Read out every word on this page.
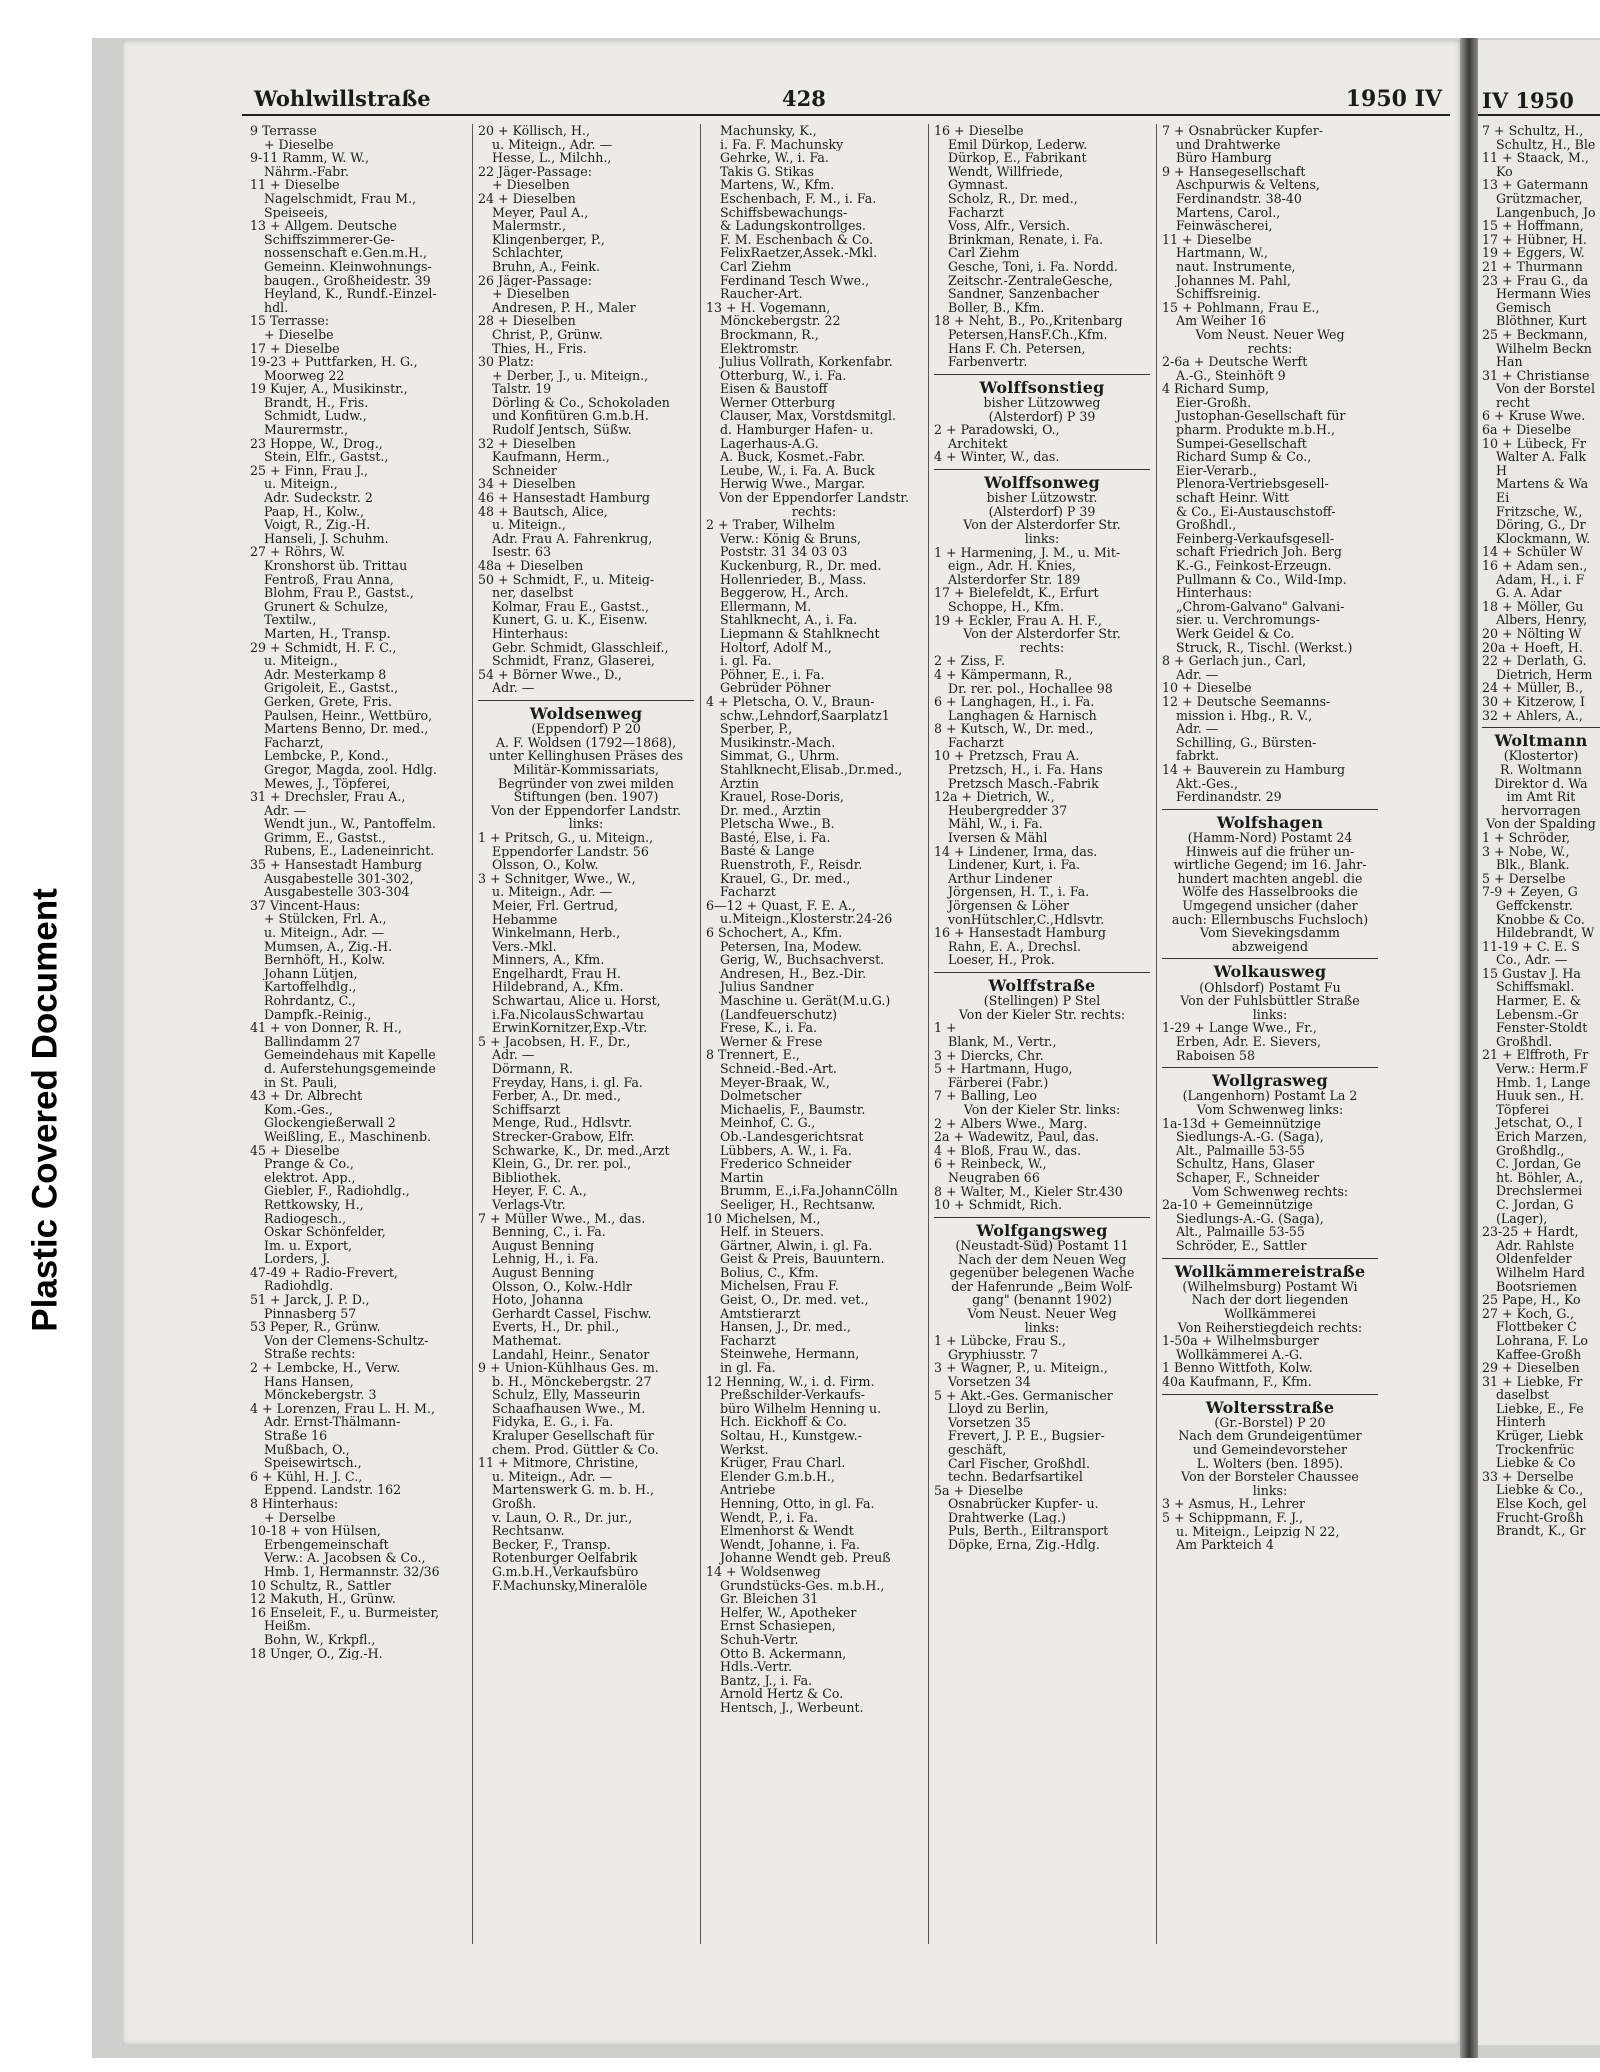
Plastic Covered Document
Wohlwillstraße	428	1950 IV
9 Terrasse
+ Dieselbe
9-11 Ramm, W. W.,
Nährm.-Fabr.
11 + Dieselbe
Nagelschmidt, Frau M.,
Speiseeis,
13 + Allgem. Deutsche
Schiffszimmerer-Ge-
nossenschaft e.Gen.m.H.,
Gemeinn. Kleinwohnungs-
baugen., Großheidestr. 39
Heyland, K., Rundf.-Einzel-
hdl.
15 Terrasse:
+ Dieselbe
17 + Dieselbe
19-23 + Puttfarken, H. G.,
Moorweg 22
19 Kujer, A., Musikinstr.,
Brandt, H., Fris.
Schmidt, Ludw.,
Maurermstr.,
23 Hoppe, W., Drog.,
Stein, Elfr., Gastst.,
25 + Finn, Frau J.,
u. Miteign.,
Adr. Sudeckstr. 2
Paap, H., Kolw.,
Voigt, R., Zig.-H.
Hanseli, J. Schuhm.
27 + Röhrs, W.
Kronshorst üb. Trittau
Fentroß, Frau Anna,
Blohm, Frau P., Gastst.,
Grunert & Schulze,
Textilw.,
Marten, H., Transp.
29 + Schmidt, H. F. C.,
u. Miteign.,
Adr. Mesterkamp 8
Grigoleit, E., Gastst.,
Gerken, Grete, Fris.
Paulsen, Heinr., Wettbüro,
Martens Benno, Dr. med.,
Facharzt,
Lembcke, P., Kond.,
Gregor, Magda, zool. Hdlg.
Mewes, J., Töpferei,
31 + Drechsler, Frau A.,
Adr. —
Wendt jun., W., Pantoffelm.
Grimm, E., Gastst.,
Rubens, E., Ladeneinricht.
35 + Hansestadt Hamburg
Ausgabestelle 301-302,
Ausgabestelle 303-304
37 Vincent-Haus:
+ Stülcken, Frl. A.,
u. Miteign., Adr. —
Mumsen, A., Zig.-H.
Bernhöft, H., Kolw.
Johann Lütjen,
Kartoffelhdlg.,
Rohrdantz, C.,
Dampfk.-Reinig.,
41 + von Donner, R. H.,
Ballindamm 27
Gemeindehaus mit Kapelle
d. Auferstehungsgemeinde
in St. Pauli,
43 + Dr. Albrecht
Kom.-Ges.,
Glockengießerwall 2
Weißling, E., Maschinenb.
45 + Dieselbe
Prange & Co.,
elektrot. App.,
Giebler, F., Radiohdlg.,
Rettkowsky, H.,
Radiogesch.,
Oskar Schönfelder,
Im. u. Export,
Lorders, J.
47-49 + Radio-Frevert,
Radiohdlg.
51 + Jarck, J. P. D.,
Pinnasberg 57
53 Peper, R., Grünw.
Von der Clemens-Schultz-
Straße rechts:
2 + Lembcke, H., Verw.
Hans Hansen,
Mönckebergstr. 3
4 + Lorenzen, Frau L. H. M.,
Adr. Ernst-Thälmann-
Straße 16
Mußbach, O.,
Speisewirtsch.,
6 + Kühl, H. J. C.,
Eppend. Landstr. 162
8 Hinterhaus:
+ Derselbe
10-18 + von Hülsen,
Erbengemeinschaft
Verw.: A. Jacobsen & Co.,
Hmb. 1, Hermannstr. 32/36
10 Schultz, R., Sattler
12 Makuth, H., Grünw.
16 Enseleit, F., u. Burmeister,
Heißm.
Bohn, W., Krkpfl.,
18 Unger, O., Zig.-H.
20 + Köllisch, H.,
u. Miteign., Adr. —
Hesse, L., Milchh.,
22 Jäger-Passage:
+ Dieselben
24 + Dieselben
Meyer, Paul A.,
Malermstr.,
Klingenberger, P.,
Schlachter,
Bruhn, A., Feink.
26 Jäger-Passage:
+ Dieselben
Andresen, P. H., Maler
28 + Dieselben
Christ, P., Grünw.
Thies, H., Fris.
30 Platz:
+ Derber, J., u. Miteign.,
Talstr. 19
Dörling & Co., Schokoladen
und Konfitüren G.m.b.H.
Rudolf Jentsch, Süßw.
32 + Dieselben
Kaufmann, Herm.,
Schneider
34 + Dieselben
46 + Hansestadt Hamburg
48 + Bautsch, Alice,
u. Miteign.,
Adr. Frau A. Fahrenkrug,
Isestr. 63
48a + Dieselben
50 + Schmidt, F., u. Miteig-
ner, daselbst
Kolmar, Frau E., Gastst.,
Kunert, G. u. K., Eisenw.
Hinterhaus:
Gebr. Schmidt, Glasschleif.,
Schmidt, Franz, Glaserei,
54 + Börner Wwe., D.,
Adr. —
Woldsenweg
(Eppendorf) P 20
A. F. Woldsen (1792—1868),
unter Kellinghusen Präses des
Militär-Kommissariats,
Begründer von zwei milden
Stiftungen (ben. 1907)
Von der Eppendorfer Landstr.
links:
1 + Pritsch, G., u. Miteign.,
Eppendorfer Landstr. 56
Olsson, O., Kolw.
3 + Schnitger, Wwe., W.,
u. Miteign., Adr. —
Meier, Frl. Gertrud,
Hebamme
Winkelmann, Herb.,
Vers.-Mkl.
Minners, A., Kfm.
Engelhardt, Frau H.
Hildebrand, A., Kfm.
Schwartau, Alice u. Horst,
i.Fa.NicolausSchwartau
ErwinKornitzer,Exp.-Vtr.
5 + Jacobsen, H. F., Dr.,
Adr. —
Dörmann, R.
Freyday, Hans, i. gl. Fa.
Ferber, A., Dr. med.,
Schiffsarzt
Menge, Rud., Hdlsvtr.
Strecker-Grabow, Elfr.
Schwarke, K., Dr. med.,Arzt
Klein, G., Dr. rer. pol.,
Bibliothek.
Heyer, F. C. A.,
Verlags-Vtr.
7 + Müller Wwe., M., das.
Benning, C., i. Fa.
August Benning
Lehnig, H., i. Fa.
August Benning
Olsson, O., Kolw.-Hdlr
Hoto, Johanna
Gerhardt Cassel, Fischw.
Everts, H., Dr. phil.,
Mathemat.
Landahl, Heinr., Senator
9 + Union-Kühlhaus Ges. m.
b. H., Mönckebergstr. 27
Schulz, Elly, Masseurin
Schaafhausen Wwe., M.
Fidyka, E. G., i. Fa.
Kraluper Gesellschaft für
chem. Prod. Güttler & Co.
11 + Mitmore, Christine,
u. Miteign., Adr. —
Martenswerk G. m. b. H.,
Großh.
v. Laun, O. R., Dr. jur.,
Rechtsanw.
Becker, F., Transp.
Rotenburger Oelfabrik
G.m.b.H.,Verkaufsbüro
F.Machunsky,Mineralöle
Machunsky, K.,
i. Fa. F. Machunsky
Gehrke, W., i. Fa.
Takis G. Stikas
Martens, W., Kfm.
Eschenbach, F. M., i. Fa.
Schiffsbewachungs-
& Ladungskontrollges.
F. M. Eschenbach & Co.
FelixRaetzer,Assek.-Mkl.
Carl Ziehm
Ferdinand Tesch Wwe.,
Raucher-Art.
13 + H. Vogemann,
Mönckebergstr. 22
Brockmann, R.,
Elektromstr.
Julius Vollrath, Korkenfabr.
Otterburg, W., i. Fa.
Eisen & Baustoff
Werner Otterburg
Clauser, Max, Vorstdsmitgl.
d. Hamburger Hafen- u.
Lagerhaus-A.G.
A. Buck, Kosmet.-Fabr.
Leube, W., i. Fa. A. Buck
Herwig Wwe., Margar.
Von der Eppendorfer Landstr.
rechts:
2 + Traber, Wilhelm
Verw.: König & Bruns,
Poststr. 31 34 03 03
Kuckenburg, R., Dr. med.
Hollenrieder, B., Mass.
Beggerow, H., Arch.
Ellermann, M.
Stahlknecht, A., i. Fa.
Liepmann & Stahlknecht
Holtorf, Adolf M.,
i. gl. Fa.
Pöhner, E., i. Fa.
Gebrüder Pöhner
4 + Pletscha, O. V., Braun-
schw.,Lehndorf,Saarplatz1
Sperber, P.,
Musikinstr.-Mach.
Simmat, G., Uhrm.
Stahlknecht,Elisab.,Dr.med.,
Ärztin
Krauel, Rose-Doris,
Dr. med., Ärztin
Pletscha Wwe., B.
Basté, Else, i. Fa.
Basté & Lange
Ruenstroth, F., Reisdr.
Krauel, G., Dr. med.,
Facharzt
6—12 + Quast, F. E. A.,
u.Miteign.,Klosterstr.24-26
6 Schochert, A., Kfm.
Petersen, Ina, Modew.
Gerig, W., Buchsachverst.
Andresen, H., Bez.-Dir.
Julius Sandner
Maschine u. Gerät(M.u.G.)
(Landfeuerschutz)
Frese, K., i. Fa.
Werner & Frese
8 Trennert, E.,
Schneid.-Bed.-Art.
Meyer-Braak, W.,
Dolmetscher
Michaelis, F., Baumstr.
Meinhof, C. G.,
Ob.-Landesgerichtsrat
Lübbers, A. W., i. Fa.
Frederico Schneider
Martin
Brumm, E.,i.Fa.JohannCölln
Seeliger, H., Rechtsanw.
10 Michelsen, M.,
Helf. in Steuers.
Gärtner, Alwin, i. gl. Fa.
Geist & Preis, Bauuntern.
Bolius, C., Kfm.
Michelsen, Frau F.
Geist, O., Dr. med. vet.,
Amtstierarzt
Hansen, J., Dr. med.,
Facharzt
Steinwehe, Hermann,
in gl. Fa.
12 Henning, W., i. d. Firm.
Preßschilder-Verkaufs-
büro Wilhelm Henning u.
Hch. Eickhoff & Co.
Soltau, H., Kunstgew.-
Werkst.
Krüger, Frau Charl.
Elender G.m.b.H.,
Antriebe
Henning, Otto, in gl. Fa.
Wendt, P., i. Fa.
Elmenhorst & Wendt
Wendt, Johanne, i. Fa.
Johanne Wendt geb. Preuß
14 + Woldsenweg
Grundstücks-Ges. m.b.H.,
Gr. Bleichen 31
Helfer, W., Apotheker
Ernst Schasiepen,
Schuh-Vertr.
Otto B. Ackermann,
Hdls.-Vertr.
Bantz, J., i. Fa.
Arnold Hertz & Co.
Hentsch, J., Werbeunt.
16 + Dieselbe
Emil Dürkop, Lederw.
Dürkop, E., Fabrikant
Wendt, Willfriede,
Gymnast.
Scholz, R., Dr. med.,
Facharzt
Voss, Alfr., Versich.
Brinkman, Renate, i. Fa.
Carl Ziehm
Gesche, Toni, i. Fa. Nordd.
Zeitschr.-ZentraleGesche,
Sandner, Sanzenbacher
Boller, B., Kfm.
18 + Neht, B., Po.,Kritenbarg
Petersen,HansF.Ch.,Kfm.
Hans F. Ch. Petersen,
Farbenvertr.
Wolffsonstieg
bisher Lützowweg
(Alsterdorf) P 39
2 + Paradowski, O.,
Architekt
4 + Winter, W., das.
Wolffsonweg
bisher Lützowstr.
(Alsterdorf) P 39
Von der Alsterdorfer Str.
links:
1 + Harmening, J. M., u. Mit-
eign., Adr. H. Knies,
Alsterdorfer Str. 189
17 + Bielefeldt, K., Erfurt
Schoppe, H., Kfm.
19 + Eckler, Frau A. H. F.,
Von der Alsterdorfer Str.
rechts:
2 + Ziss, F.
4 + Kämpermann, R.,
Dr. rer. pol., Hochallee 98
6 + Langhagen, H., i. Fa.
Langhagen & Harnisch
8 + Kutsch, W., Dr. med.,
Facharzt
10 + Pretzsch, Frau A.
Pretzsch, H., i. Fa. Hans
Pretzsch Masch.-Fabrik
12a + Dietrich, W.,
Heubergredder 37
Mähl, W., i. Fa.
Iversen & Mähl
14 + Lindener, Irma, das.
Lindener, Kurt, i. Fa.
Arthur Lindener
Jörgensen, H. T., i. Fa.
Jörgensen & Löher
vonHütschler,C.,Hdlsvtr.
16 + Hansestadt Hamburg
Rahn, E. A., Drechsl.
Loeser, H., Prok.
Wolffstraße
(Stellingen) P Stel
Von der Kieler Str. rechts:
1 +
Blank, M., Vertr.,
3 + Diercks, Chr.
5 + Hartmann, Hugo,
Färberei (Fabr.)
7 + Balling, Leo
Von der Kieler Str. links:
2 + Albers Wwe., Marg.
2a + Wadewitz, Paul, das.
4 + Bloß, Frau W., das.
6 + Reinbeck, W.,
Neugraben 66
8 + Walter, M., Kieler Str.430
10 + Schmidt, Rich.
Wolfgangsweg
(Neustadt-Süd) Postamt 11
Nach der dem Neuen Weg
gegenüber belegenen Wache
der Hafenrunde „Beim Wolf-
gang" (benannt 1902)
Vom Neust. Neuer Weg
links:
1 + Lübcke, Frau S.,
Gryphiusstr. 7
3 + Wagner, P., u. Miteign.,
Vorsetzen 34
5 + Akt.-Ges. Germanischer
Lloyd zu Berlin,
Vorsetzen 35
Frevert, J. P. E., Bugsier-
geschäft,
Carl Fischer, Großhdl.
techn. Bedarfsartikel
5a + Dieselbe
Osnabrücker Kupfer- u.
Drahtwerke (Lag.)
Puls, Berth., Eiltransport
Döpke, Erna, Zig.-Hdlg.
7 + Osnabrücker Kupfer-
und Drahtwerke
Büro Hamburg
9 + Hansegesellschaft
Aschpurwis & Veltens,
Ferdinandstr. 38-40
Martens, Carol.,
Feinwäscherei,
11 + Dieselbe
Hartmann, W.,
naut. Instrumente,
Johannes M. Pahl,
Schiffsreinig.
15 + Pohlmann, Frau E.,
Am Weiher 16
Vom Neust. Neuer Weg
rechts:
2-6a + Deutsche Werft
A.-G., Steinhöft 9
4 Richard Sump,
Eier-Großh.
Justophan-Gesellschaft für
pharm. Produkte m.b.H.,
Sumpei-Gesellschaft
Richard Sump & Co.,
Eier-Verarb.,
Plenora-Vertriebsgesell-
schaft Heinr. Witt
& Co., Ei-Austauschstoff-
Großhdl.,
Feinberg-Verkaufsgesell-
schaft Friedrich Joh. Berg
K.-G., Feinkost-Erzeugn.
Pullmann & Co., Wild-Imp.
Hinterhaus:
„Chrom-Galvano" Galvani-
sier. u. Verchromungs-
Werk Geidel & Co.
Struck, R., Tischl. (Werkst.)
8 + Gerlach jun., Carl,
Adr. —
10 + Dieselbe
12 + Deutsche Seemanns-
mission i. Hbg., R. V.,
Adr. —
Schilling, G., Bürsten-
fabrkt.
14 + Bauverein zu Hamburg
Akt.-Ges.,
Ferdinandstr. 29
Wolfshagen
(Hamm-Nord) Postamt 24
Hinweis auf die früher un-
wirtliche Gegend; im 16. Jahr-
hundert machten angebl. die
Wölfe des Hasselbrooks die
Umgegend unsicher (daher
auch: Ellernbuschs Fuchsloch)
Vom Sievekingsdamm
abzweigend
Wolkausweg
(Ohlsdorf) Postamt Fu
Von der Fuhlsbüttler Straße
links:
1-29 + Lange Wwe., Fr.,
Erben, Adr. E. Sievers,
Raboisen 58
Wollgrasweg
(Langenhorn) Postamt La 2
Vom Schwenweg links:
1a-13d + Gemeinnützige
Siedlungs-A.-G. (Saga),
Alt., Palmaille 53-55
Schultz, Hans, Glaser
Schaper, F., Schneider
Vom Schwenweg rechts:
2a-10 + Gemeinnützige
Siedlungs-A.-G. (Saga),
Alt., Palmaille 53-55
Schröder, E., Sattler
Wollkämmereistraße
(Wilhelmsburg) Postamt Wi
Nach der dort liegenden
Wollkämmerei
Von Reiherstiegdeich rechts:
1-50a + Wilhelmsburger
Wollkämmerei A.-G.
1 Benno Wittfoth, Kolw.
40a Kaufmann, F., Kfm.
Woltersstraße
(Gr.-Borstel) P 20
Nach dem Grundeigentümer
und Gemeindevorsteher
L. Wolters (ben. 1895).
Von der Borsteler Chaussee
links:
3 + Asmus, H., Lehrer
5 + Schippmann, F. J.,
u. Miteign., Leipzig N 22,
Am Parkteich 4
IV 1950
7 + Schultz, H.,
Schultz, H., Ble
11 + Staack, M.,
Ko
13 + Gatermann
Grützmacher,
Langenbuch, Jo
15 + Hoffmann,
17 + Hübner, H.
19 + Eggers, W.
21 + Thurmann
23 + Frau G., da
Hermann Wies
Gemisch
Blöthner, Kurt
25 + Beckmann,
Wilhelm Beckn
Han
31 + Christianse
Von der Borstel
recht
6 + Kruse Wwe.
6a + Dieselbe
10 + Lübeck, Fr
Walter A. Falk
H
Martens & Wa
Ei
Fritzsche, W.,
Döring, G., Dr
Klockmann, W.
14 + Schüler W
16 + Adam sen.,
Adam, H., i. F
G. A. Adar
18 + Möller, Gu
Albers, Henry,
20 + Nölting W
20a + Hoeft, H.
22 + Derlath, G.
Dietrich, Herm
24 + Müller, B.,
30 + Kitzerow, I
32 + Ahlers, A.,
Woltmann
(Klostertor)
R. Woltmann
Direktor d. Wa
im Amt Rit
hervorragen
Von der Spalding
1 + Schröder,
3 + Nobe, W.,
Blk., Blank.
5 + Derselbe
7-9 + Zeyen, G
Geffckenstr.
Knobbe & Co.
Hildebrandt, W
11-19 + C. E. S
Co., Adr. —
15 Gustav J. Ha
Schiffsmakl.
Harmer, E. &
Lebensm.-Gr
Fenster-Stoldt
Großhdl.
21 + Elffroth, Fr
Verw.: Herm.F
Hmb. 1, Lange
Huuk sen., H.
Töpferei
Jetschat, O., I
Erich Marzen,
Großhdlg.,
C. Jordan, Ge
ht. Böhler, A.,
Drechslermei
C. Jordan, G
(Lager),
23-25 + Hardt,
Adr. Rahlste
Oldenfelder
Wilhelm Hard
Bootsriemen
25 Pape, H., Ko
27 + Koch, G.,
Flottbeker C
Lohrana, F. Lo
Kaffee-Großh
29 + Dieselben
31 + Liebke, Fr
daselbst
Liebke, E., Fe
Hinterh
Krüger, Liebk
Trockenfrüc
Liebke & Co
33 + Derselbe
Liebke & Co.,
Else Koch, gel
Frucht-Großh
Brandt, K., Gr
